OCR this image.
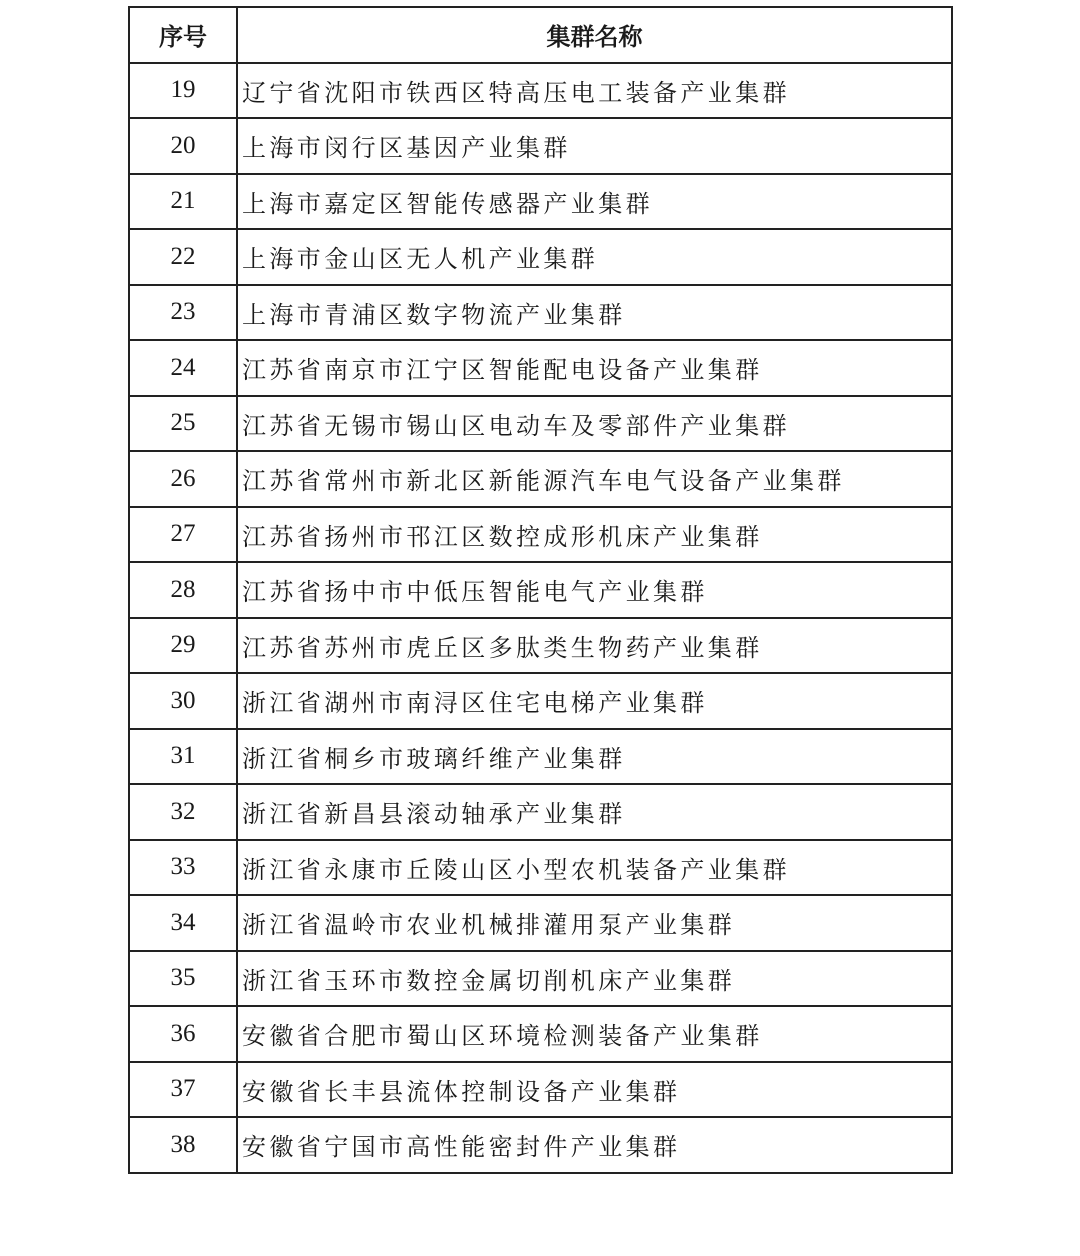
序号	集群名称
19	辽宁省沈阳市铁西区特高压电工装备产业集群
20	上海市闵行区基因产业集群
21	上海市嘉定区智能传感器产业集群
22	上海市金山区无人机产业集群
23	上海市青浦区数字物流产业集群
24	江苏省南京市江宁区智能配电设备产业集群
25	江苏省无锡市锡山区电动车及零部件产业集群
26	江苏省常州市新北区新能源汽车电气设备产业集群
27	江苏省扬州市邗江区数控成形机床产业集群
28	江苏省扬中市中低压智能电气产业集群
29	江苏省苏州市虎丘区多肽类生物药产业集群
30	浙江省湖州市南浔区住宅电梯产业集群
31	浙江省桐乡市玻璃纤维产业集群
32	浙江省新昌县滚动轴承产业集群
33	浙江省永康市丘陵山区小型农机装备产业集群
34	浙江省温岭市农业机械排灌用泵产业集群
35	浙江省玉环市数控金属切削机床产业集群
36	安徽省合肥市蜀山区环境检测装备产业集群
37	安徽省长丰县流体控制设备产业集群
38	安徽省宁国市高性能密封件产业集群
